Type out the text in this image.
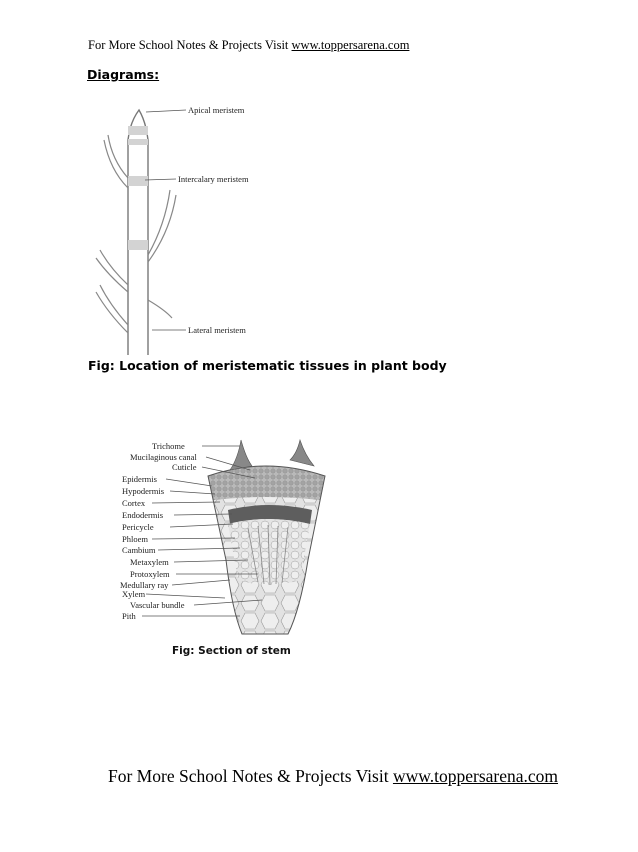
For More School Notes & Projects Visit www.toppersarena.com
Diagrams:
Apical meristem
Intercalary meristem
Lateral meristem
Fig: Location of meristematic tissues in plant body
Trichome
Mucilaginous canal
Cuticle
Epidermis
Hypodermis
Cortex
Endodermis
Pericycle
Phloem
Cambium
Metaxylem
Protoxylem
Medullary ray
Xylem
Vascular bundle
Pith
Fig: Section of stem
For More School Notes & Projects Visit www.toppersarena.com
